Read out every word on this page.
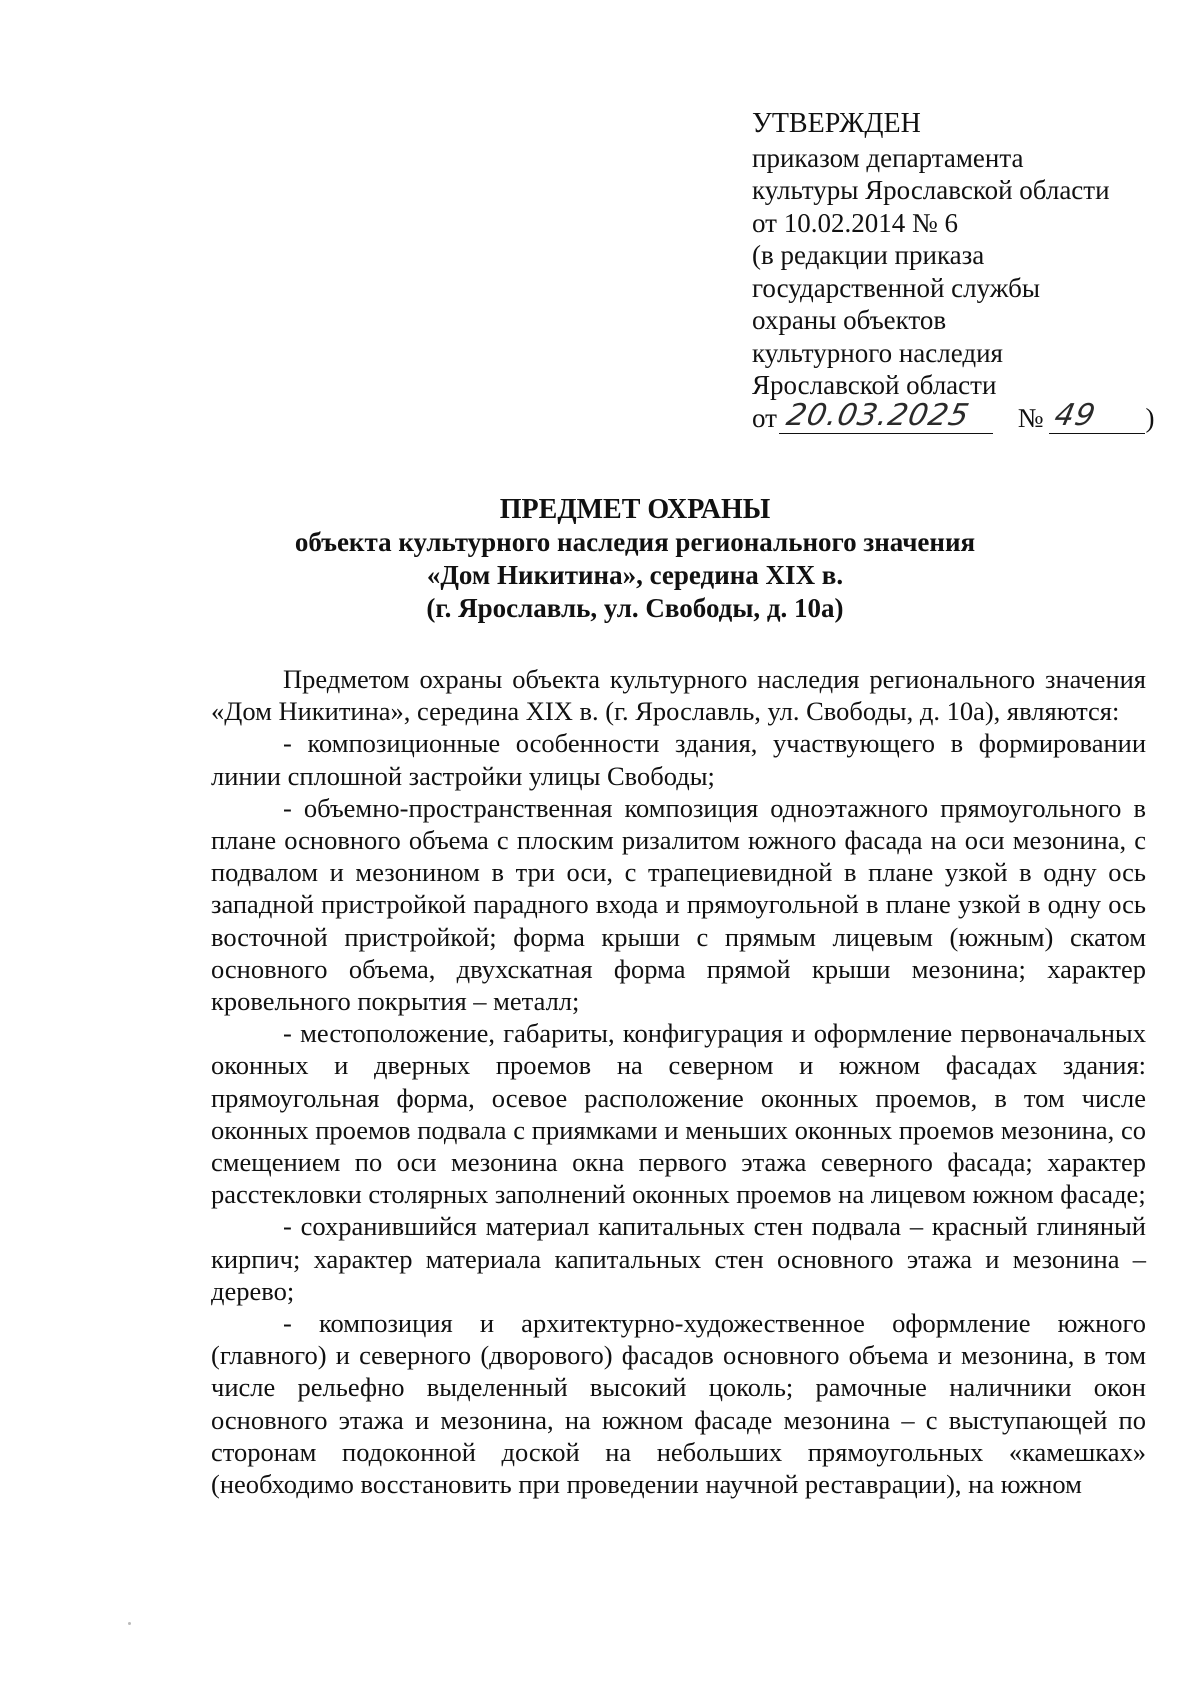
УТВЕРЖДЕН
приказом департамента
культуры Ярославской области
от 10.02.2014 № 6
(в редакции приказа
государственной службы
охраны объектов
культурного наследия
Ярославской области
от 20.03.2025 № 49 )
ПРЕДМЕТ ОХРАНЫ
объекта культурного наследия регионального значения
«Дом Никитина», середина XIX в.
(г. Ярославль, ул. Свободы, д. 10а)

Предметом охраны объекта культурного наследия регионального значения «Дом Никитина», середина XIX в. (г. Ярославль, ул. Свободы, д. 10а), являются:

- композиционные особенности здания, участвующего в формировании линии сплошной застройки улицы Свободы;

- объемно-пространственная композиция одноэтажного прямоугольного в плане основного объема с плоским ризалитом южного фасада на оси мезонина, с подвалом и мезонином в три оси, с трапециевидной в плане узкой в одну ось западной пристройкой парадного входа и прямоугольной в плане узкой в одну ось восточной пристройкой; форма крыши с прямым лицевым (южным) скатом основного объема, двухскатная форма прямой крыши мезонина; характер кровельного покрытия – металл;

- местоположение, габариты, конфигурация и оформление первоначальных оконных и дверных проемов на северном и южном фасадах здания: прямоугольная форма, осевое расположение оконных проемов, в том числе оконных проемов подвала с приямками и меньших оконных проемов мезонина, со смещением по оси мезонина окна первого этажа северного фасада; характер расстекловки столярных заполнений оконных проемов на лицевом южном фасаде;

- сохранившийся материал капитальных стен подвала – красный глиняный кирпич; характер материала капитальных стен основного этажа и мезонина – дерево;

- композиция и архитектурно-художественное оформление южного (главного) и северного (дворового) фасадов основного объема и мезонина, в том числе рельефно выделенный высокий цоколь; рамочные наличники окон основного этажа и мезонина, на южном фасаде мезонина – с выступающей по сторонам подоконной доской на небольших прямоугольных «камешках» (необходимо восстановить при проведении научной реставрации), на южном
